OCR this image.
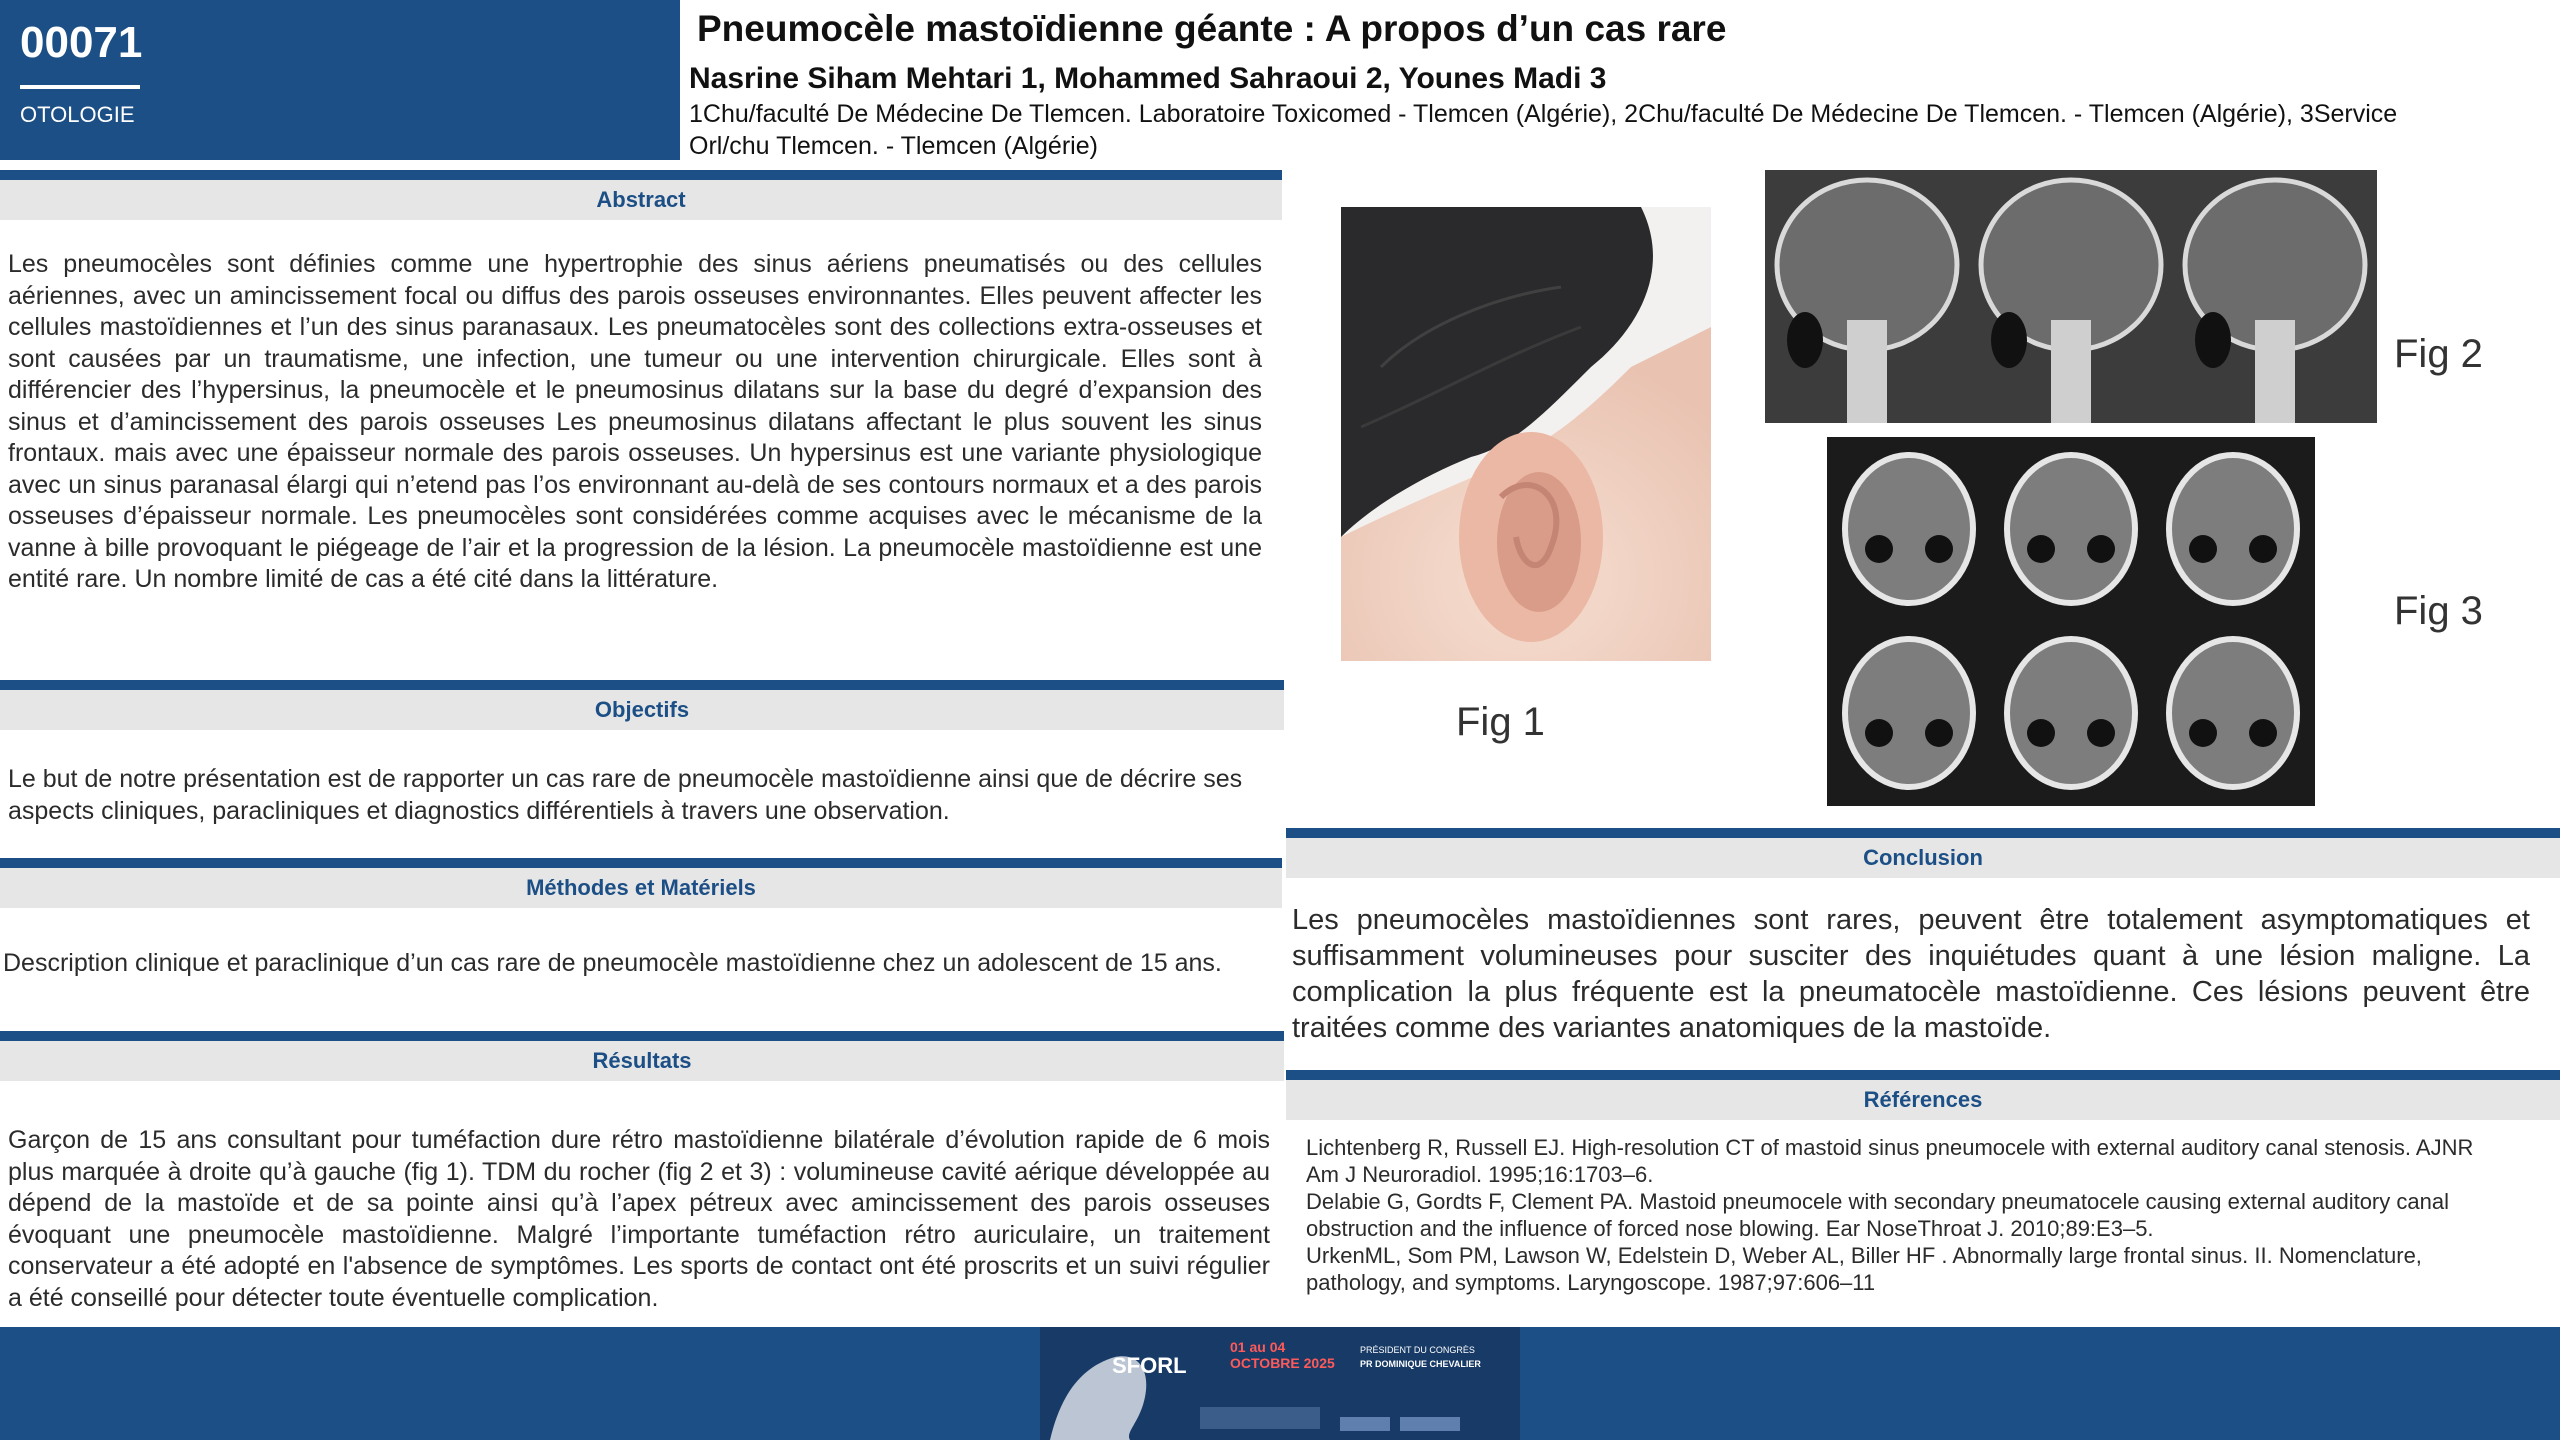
00071
OTOLOGIE
Pneumocèle mastoïdienne géante : A propos d’un cas rare
Nasrine Siham Mehtari 1, Mohammed Sahraoui 2, Younes Madi 3
1Chu/faculté De Médecine De Tlemcen. Laboratoire Toxicomed - Tlemcen (Algérie), 2Chu/faculté De Médecine De Tlemcen. - Tlemcen (Algérie), 3Service Orl/chu Tlemcen. - Tlemcen (Algérie)
Abstract
Les pneumocèles sont définies comme une hypertrophie des sinus aériens pneumatisés ou des cellules aériennes, avec un amincissement focal ou diffus des parois osseuses environnantes. Elles peuvent affecter les cellules mastoïdiennes et l’un des sinus paranasaux. Les pneumatocèles sont des collections extra-osseuses et sont causées par un traumatisme, une infection, une tumeur ou une intervention chirurgicale. Elles sont à différencier des l’hypersinus, la pneumocèle et le pneumosinus dilatans sur la base du degré d’expansion des sinus et d’amincissement des parois osseuses Les pneumosinus dilatans affectant le plus souvent les sinus frontaux. mais avec une épaisseur normale des parois osseuses. Un hypersinus est une variante physiologique avec un sinus paranasal élargi qui n’etend pas l’os environnant au-delà de ses contours normaux et a des parois osseuses d’épaisseur normale. Les pneumocèles sont considérées comme acquises avec le mécanisme de la vanne à bille provoquant le piégeage de l’air et la progression de la lésion. La pneumocèle mastoïdienne est une entité rare. Un nombre limité de cas a été cité dans la littérature.
Objectifs
Le but de notre présentation est de rapporter un cas rare de pneumocèle mastoïdienne ainsi que de décrire ses aspects cliniques, paracliniques et diagnostics différentiels à travers une observation.
Méthodes et Matériels
Description clinique et paraclinique d’un cas rare de pneumocèle mastoïdienne chez un adolescent de 15 ans.
Résultats
Garçon de 15 ans consultant pour tuméfaction dure rétro mastoïdienne bilatérale d’évolution rapide de 6 mois plus marquée à droite qu’à gauche (fig 1). TDM du rocher (fig 2 et 3) : volumineuse cavité aérique développée au dépend de la mastoïde et de sa pointe ainsi qu’à l’apex pétreux avec amincissement des parois osseuses évoquant une pneumocèle mastoïdienne. Malgré l’importante tuméfaction rétro auriculaire, un traitement conservateur a été adopté en l'absence de symptômes. Les sports de contact ont été proscrits et un suivi régulier a été conseillé pour détecter toute éventuelle complication.
Fig 1
Fig 2
Fig 3
Conclusion
Les pneumocèles mastoïdiennes sont rares, peuvent être totalement asymptomatiques et suffisamment volumineuses pour susciter des inquiétudes quant à une lésion maligne. La complication la plus fréquente est la pneumatocèle mastoïdienne. Ces lésions peuvent être traitées comme des variantes anatomiques de la mastoïde.
Références

Lichtenberg R, Russell EJ. High-resolution CT of mastoid sinus pneumocele with external auditory canal stenosis. AJNR Am J Neuroradiol. 1995;16:1703–6.

Delabie G, Gordts F, Clement PA. Mastoid pneumocele with secondary pneumatocele causing external auditory canal obstruction and the influence of forced nose blowing. Ear NoseThroat J. 2010;89:E3–5.

UrkenML, Som PM, Lawson W, Edelstein D, Weber AL, Biller HF . Abnormally large frontal sinus. II. Nomenclature, pathology, and symptoms. Laryngoscope. 1987;97:606–11

SFORL
01 au 04 OCTOBRE 2025
PRÉSIDENT DU CONGRÈS
PR DOMINIQUE CHEVALIER
